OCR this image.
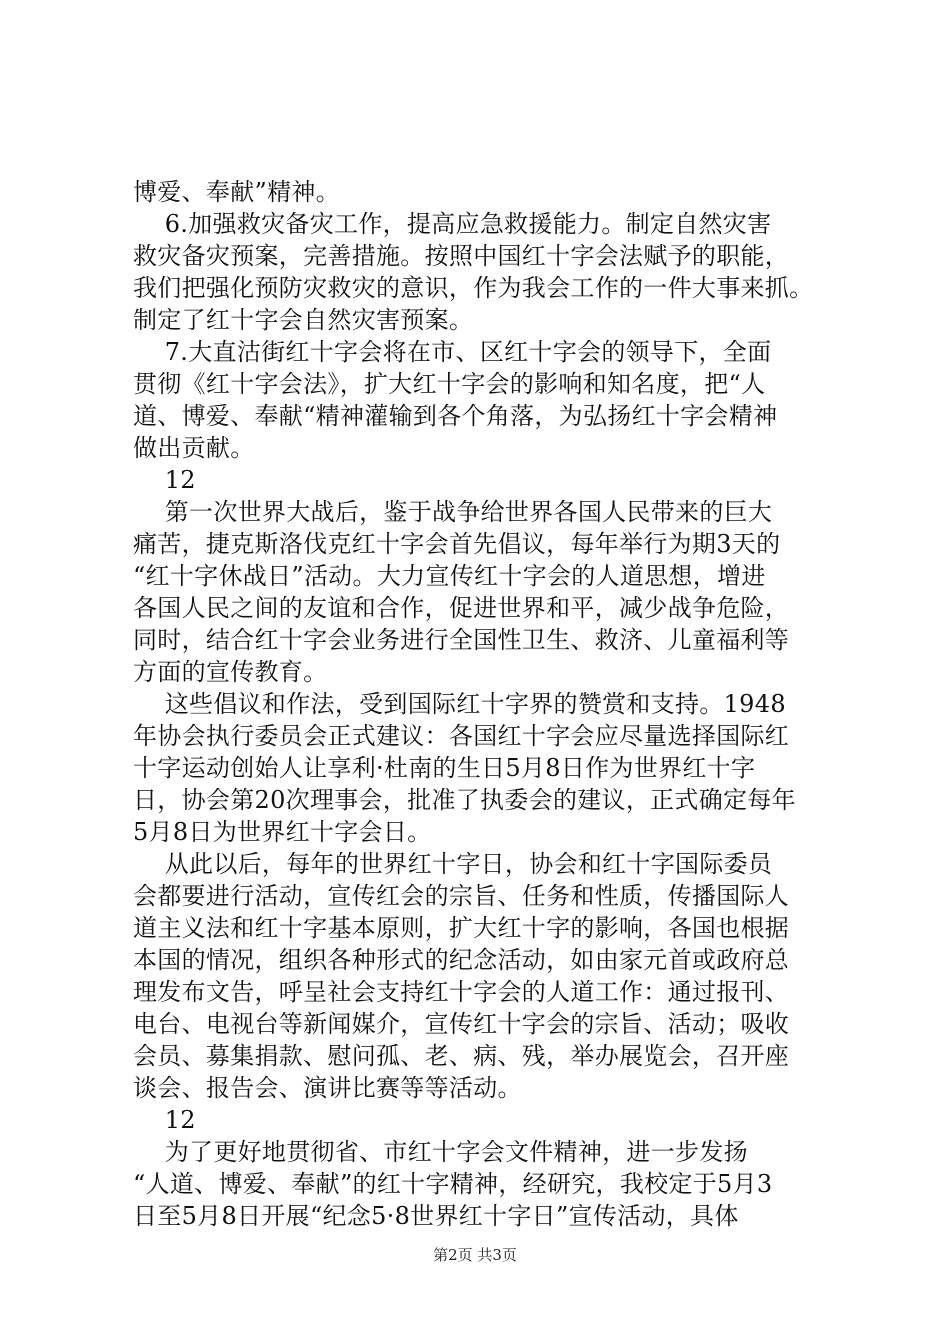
博爱、奉献”精神。
6.加强救灾备灾工作，提高应急救援能力。制定自然灾害
救灾备灾预案，完善措施。按照中国红十字会法赋予的职能，
我们把强化预防灾救灾的意识，作为我会工作的一件大事来抓。
制定了红十字会自然灾害预案。
7.大直沽街红十字会将在市、区红十字会的领导下，全面
贯彻《红十字会法》，扩大红十字会的影响和知名度，把“人
道、博爱、奉献“精神灌输到各个角落，为弘扬红十字会精神
做出贡献。
12
第一次世界大战后，鉴于战争给世界各国人民带来的巨大
痛苦，捷克斯洛伐克红十字会首先倡议，每年举行为期3天的
“红十字休战日”活动。大力宣传红十字会的人道思想，增进
各国人民之间的友谊和合作，促进世界和平，减少战争危险，
同时，结合红十字会业务进行全国性卫生、救济、儿童福利等
方面的宣传教育。
这些倡议和作法，受到国际红十字界的赞赏和支持。1948
年协会执行委员会正式建议：各国红十字会应尽量选择国际红
十字运动创始人让享利·杜南的生日5月8日作为世界红十字
日，协会第20次理事会，批准了执委会的建议，正式确定每年
5月8日为世界红十字会日。
从此以后，每年的世界红十字日，协会和红十字国际委员
会都要进行活动，宣传红会的宗旨、任务和性质，传播国际人
道主义法和红十字基本原则，扩大红十字的影响，各国也根据
本国的情况，组织各种形式的纪念活动，如由家元首或政府总
理发布文告，呼呈社会支持红十字会的人道工作：通过报刊、
电台、电视台等新闻媒介，宣传红十字会的宗旨、活动；吸收
会员、募集捐款、慰问孤、老、病、残，举办展览会，召开座
谈会、报告会、演讲比赛等等活动。
12
为了更好地贯彻省、市红十字会文件精神，进一步发扬
“人道、博爱、奉献”的红十字精神，经研究，我校定于5月3
日至5月8日开展“纪念5·8世界红十字日”宣传活动，具体
第2页 共3页
